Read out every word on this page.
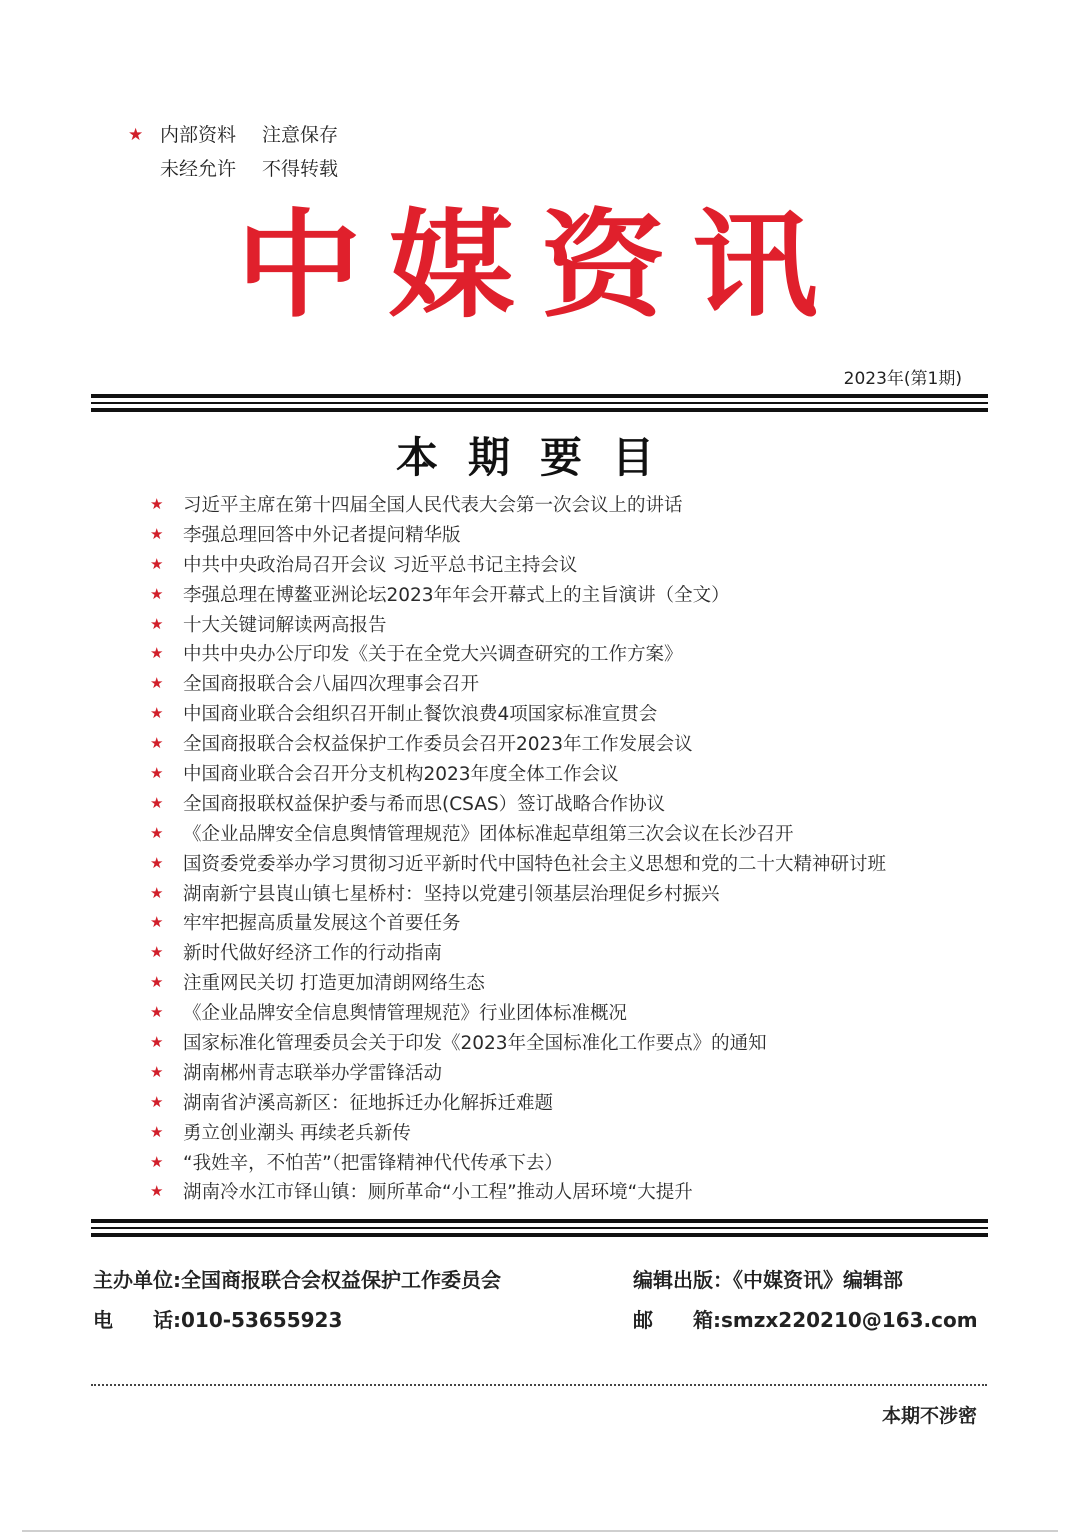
★ 内部资料 注意保存
未经允许 不得转载
中媒资讯
2023年(第1期)
本期要目
★	习近平主席在第十四届全国人民代表大会第一次会议上的讲话
★	李强总理回答中外记者提问精华版
★	中共中央政治局召开会议 习近平总书记主持会议
★	李强总理在博鳌亚洲论坛2023年年会开幕式上的主旨演讲（全文）
★	十大关键词解读两高报告
★	中共中央办公厅印发《关于在全党大兴调查研究的工作方案》
★	全国商报联合会八届四次理事会召开
★	中国商业联合会组织召开制止餐饮浪费4项国家标准宣贯会
★	全国商报联合会权益保护工作委员会召开2023年工作发展会议
★	中国商业联合会召开分支机构2023年度全体工作会议
★	全国商报联权益保护委与希而思(CSAS）签订战略合作协议
★	《企业品牌安全信息舆情管理规范》团体标准起草组第三次会议在长沙召开
★	国资委党委举办学习贯彻习近平新时代中国特色社会主义思想和党的二十大精神研讨班
★	湖南新宁县崀山镇七星桥村：坚持以党建引领基层治理促乡村振兴
★	牢牢把握高质量发展这个首要任务
★	新时代做好经济工作的行动指南
★	注重网民关切 打造更加清朗网络生态
★	《企业品牌安全信息舆情管理规范》行业团体标准概况
★	国家标准化管理委员会关于印发《2023年全国标准化工作要点》的通知
★	湖南郴州青志联举办学雷锋活动
★	湖南省泸溪高新区：征地拆迁办化解拆迁难题
★	勇立创业潮头 再续老兵新传
★	“我姓辛，不怕苦”（把雷锋精神代代传承下去）
★	湖南冷水江市铎山镇：厕所革命“小工程”推动人居环境“大提升
主办单位:全国商报联合会权益保护工作委员会	编辑出版：《中媒资讯》编辑部
电　　话:010-53655923	邮　　箱:smzx220210@163.com
本期不涉密
